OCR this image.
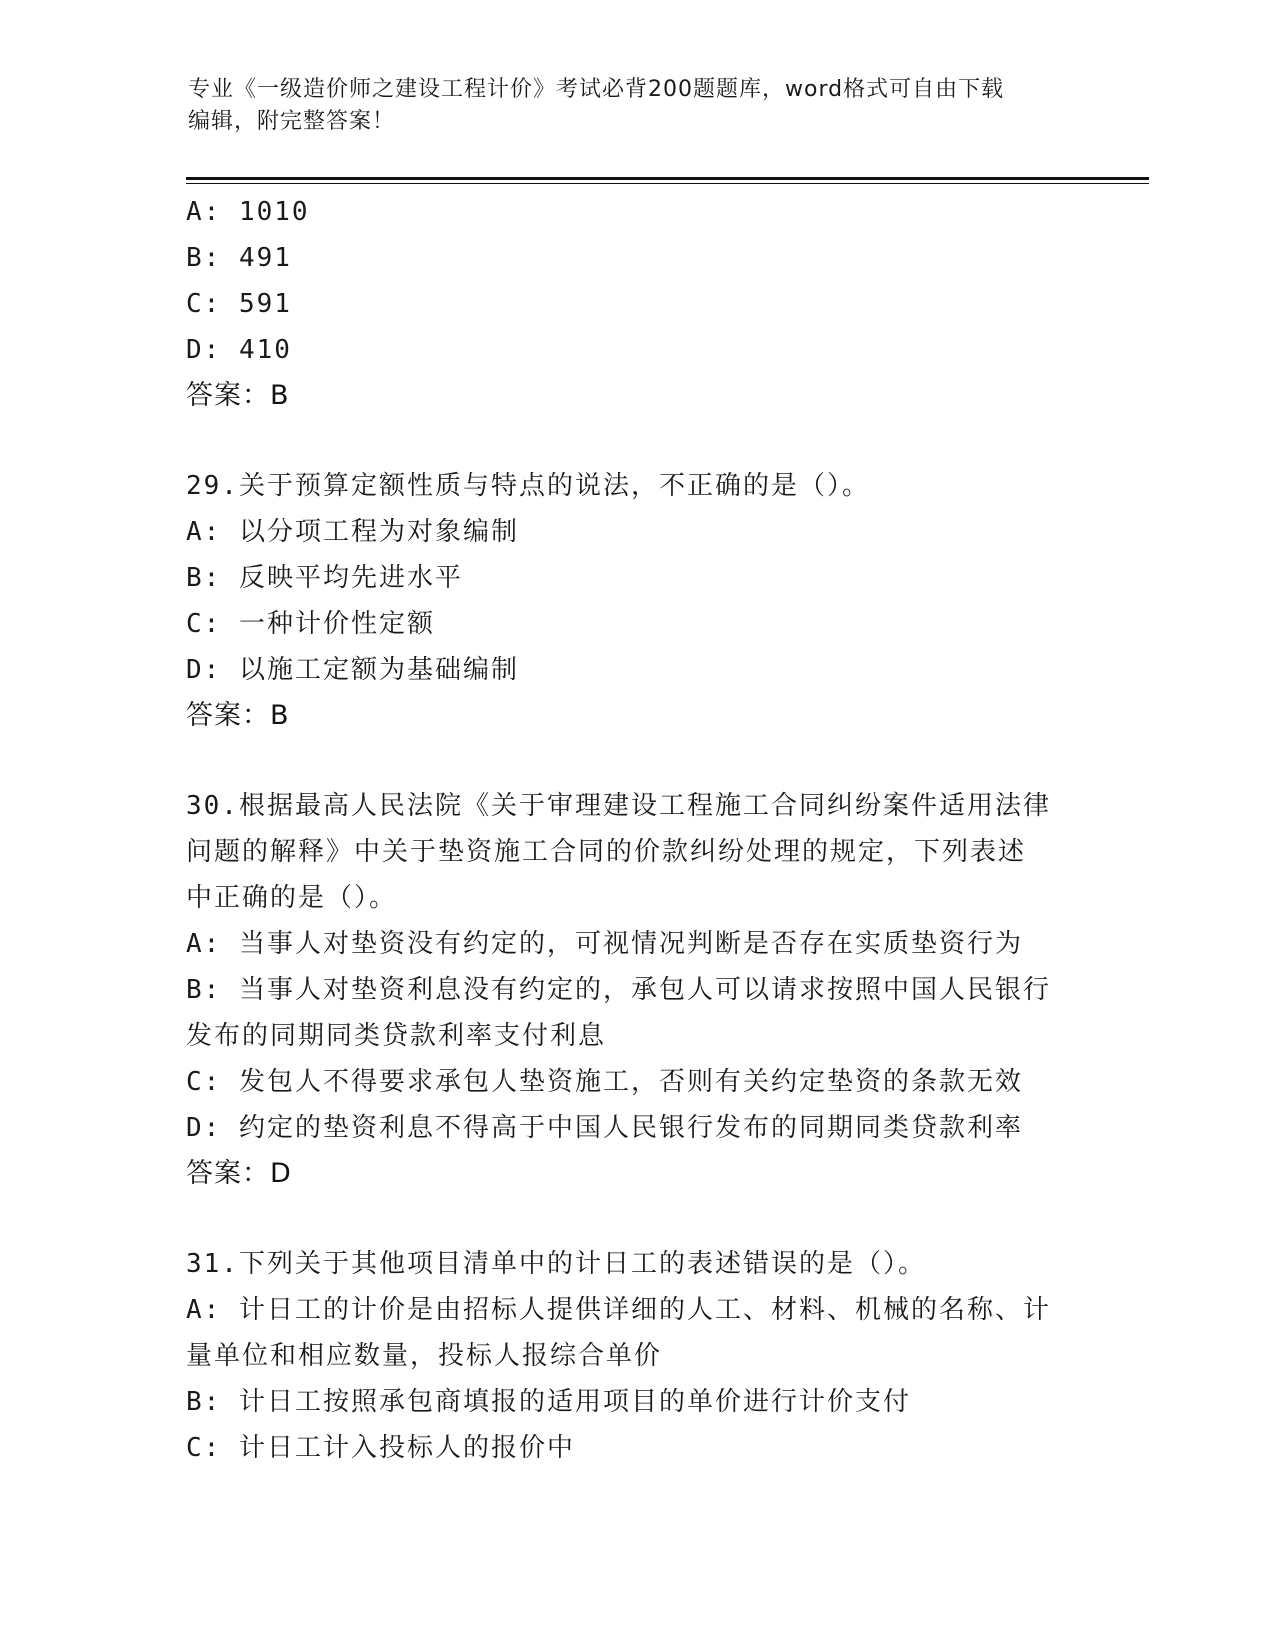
专业《一级造价师之建设工程计价》考试必背200题题库，word格式可自由下载
编辑，附完整答案！
A: 1010
B: 491
C: 591
D: 410
答案：B
29.关于预算定额性质与特点的说法，不正确的是（）。
A: 以分项工程为对象编制
B: 反映平均先进水平
C: 一种计价性定额
D: 以施工定额为基础编制
答案：B
30.根据最高人民法院《关于审理建设工程施工合同纠纷案件适用法律
问题的解释》中关于垫资施工合同的价款纠纷处理的规定，下列表述
中正确的是（）。
A: 当事人对垫资没有约定的，可视情况判断是否存在实质垫资行为
B: 当事人对垫资利息没有约定的，承包人可以请求按照中国人民银行
发布的同期同类贷款利率支付利息
C: 发包人不得要求承包人垫资施工，否则有关约定垫资的条款无效
D: 约定的垫资利息不得高于中国人民银行发布的同期同类贷款利率
答案：D
31.下列关于其他项目清单中的计日工的表述错误的是（）。
A: 计日工的计价是由招标人提供详细的人工、材料、机械的名称、计
量单位和相应数量，投标人报综合单价
B: 计日工按照承包商填报的适用项目的单价进行计价支付
C: 计日工计入投标人的报价中
